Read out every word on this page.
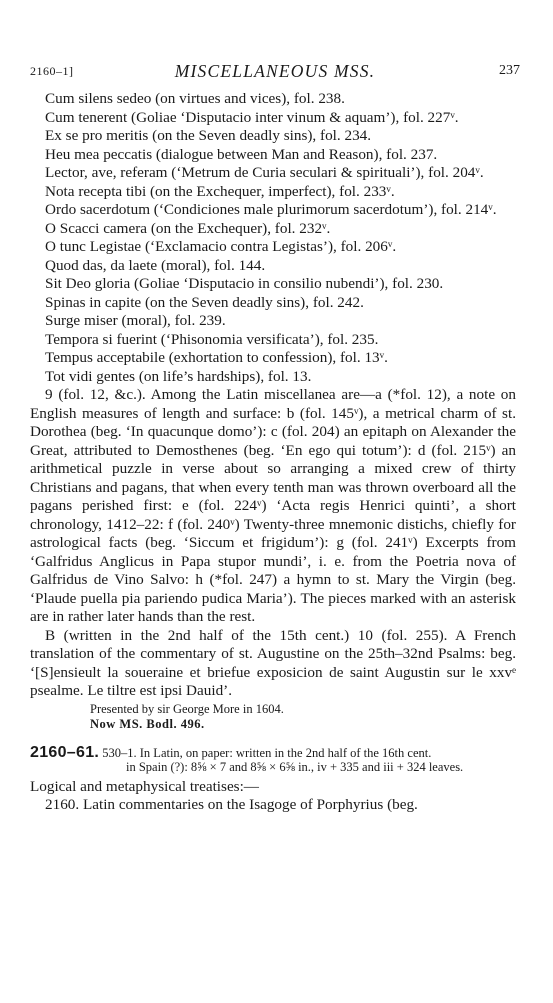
2160–1]	MISCELLANEOUS MSS.	237

Cum silens sedeo (on virtues and vices), fol. 238.

Cum tenerent (Goliae ‘Disputacio inter vinum & aquam’), fol. 227ᵛ.

Ex se pro meritis (on the Seven deadly sins), fol. 234.

Heu mea peccatis (dialogue between Man and Reason), fol. 237.

Lector, ave, referam (‘Metrum de Curia seculari & spirituali’), fol. 204ᵛ.

Nota recepta tibi (on the Exchequer, imperfect), fol. 233ᵛ.

Ordo sacerdotum (‘Condiciones male plurimorum sacerdotum’), fol. 214ᵛ.

O Scacci camera (on the Exchequer), fol. 232ᵛ.

O tunc Legistae (‘Exclamacio contra Legistas’), fol. 206ᵛ.

Quod das, da laete (moral), fol. 144.

Sit Deo gloria (Goliae ‘Disputacio in consilio nubendi’), fol. 230.

Spinas in capite (on the Seven deadly sins), fol. 242.

Surge miser (moral), fol. 239.

Tempora si fuerint (‘Phisonomia versificata’), fol. 235.

Tempus acceptabile (exhortation to confession), fol. 13ᵛ.

Tot vidi gentes (on life’s hardships), fol. 13.

9 (fol. 12, &c.). Among the Latin miscellanea are—a (*fol. 12), a note on English measures of length and surface: b (fol. 145ᵛ), a metrical charm of st. Dorothea (beg. ‘In quacunque domo’): c (fol. 204) an epitaph on Alexander the Great, attributed to Demosthenes (beg. ‘En ego qui totum’): d (fol. 215ᵛ) an arithmetical puzzle in verse about so arranging a mixed crew of thirty Christians and pagans, that when every tenth man was thrown overboard all the pagans perished first: e (fol. 224ᵛ) ‘Acta regis Henrici quinti’, a short chronology, 1412–22: f (fol. 240ᵛ) Twenty-three mnemonic distichs, chiefly for astrological facts (beg. ‘Siccum et frigidum’): g (fol. 241ᵛ) Excerpts from ‘Galfridus Anglicus in Papa stupor mundi’, i. e. from the Poetria nova of Galfridus de Vino Salvo: h (*fol. 247) a hymn to st. Mary the Virgin (beg. ‘Plaude puella pia pariendo pudica Maria’). The pieces marked with an asterisk are in rather later hands than the rest.

B (written in the 2nd half of the 15th cent.) 10 (fol. 255). A French translation of the commentary of st. Augustine on the 25th–32nd Psalms: beg. ‘[S]ensieult la soueraine et briefue exposicion de saint Augustin sur le xxvᵉ psealme. Le tiltre est ipsi Dauid’.

Presented by sir George More in 1604.
Now MS. Bodl. 496.

2160–61. 530–1. In Latin, on paper: written in the 2nd half of the 16th cent.
in Spain (?): 8⅝ × 7 and 8⅝ × 6⅝ in., iv + 335 and iii + 324 leaves.

Logical and metaphysical treatises:—

2160. Latin commentaries on the Isagoge of Porphyrius (beg.
